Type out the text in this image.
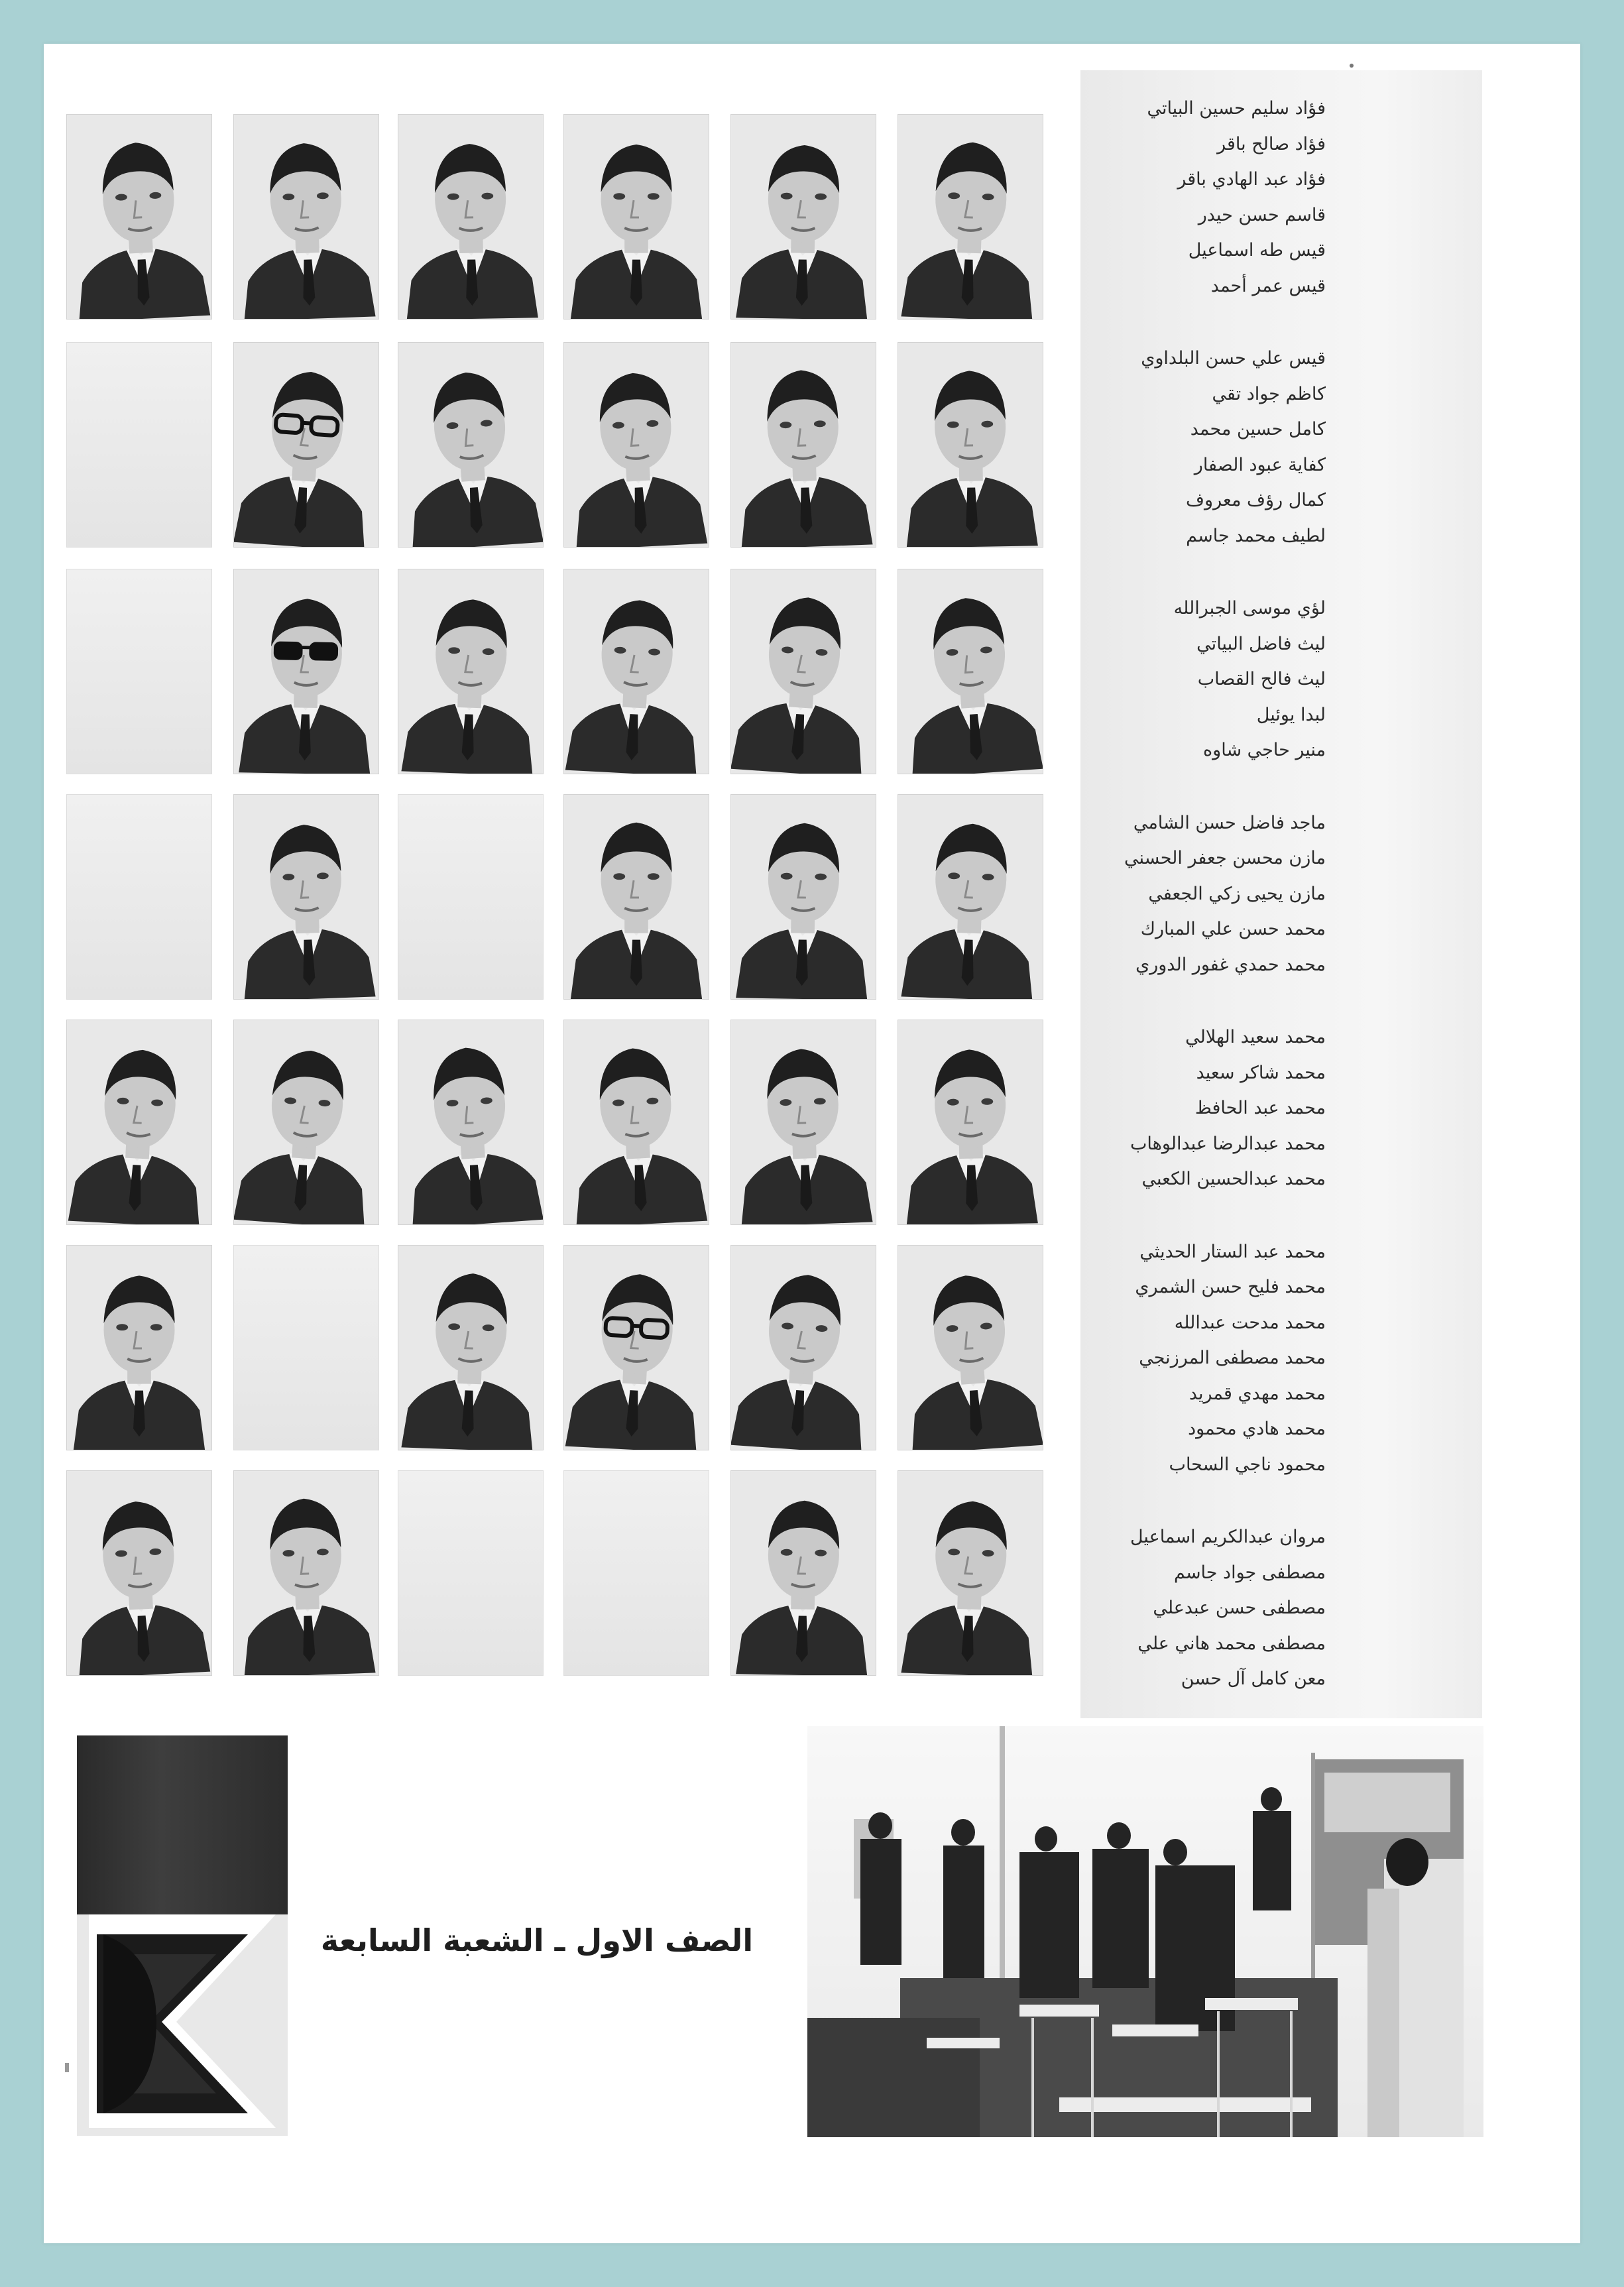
فؤاد سليم حسين البياتي
فؤاد صالح باقر
فؤاد عبد الهادي باقر
قاسم حسن حيدر
قيس طه اسماعيل
قيس عمر أحمد
قيس علي حسن البلداوي
كاظم جواد تقي
كامل حسين محمد
كفاية عبود الصفار
كمال رؤف معروف
لطيف محمد جاسم
لؤي موسى الجبرالله
ليث فاضل البياتي
ليث فالح القصاب
لبدا يوئيل
منير حاجي شاوه
ماجد فاضل حسن الشامي
مازن محسن جعفر الحسني
مازن يحيى زكي الجعفي
محمد حسن علي المبارك
محمد حمدي غفور الدوري
محمد سعيد الهلالي
محمد شاكر سعيد
محمد عبد الحافظ
محمد عبدالرضا عبدالوهاب
محمد عبدالحسين الكعبي
محمد عبد الستار الحديثي
محمد فليح حسن الشمري
محمد مدحت عبدالله
محمد مصطفى المرزنجي
محمد مهدي قمريد
محمد هادي محمود
محمود ناجي السحاب
مروان عبدالكريم اسماعيل
مصطفى جواد جاسم
مصطفى حسن عبدعلي
مصطفى محمد هاني علي
معن كامل آل حسن
الصف الاول ـ الشعبة السابعة
